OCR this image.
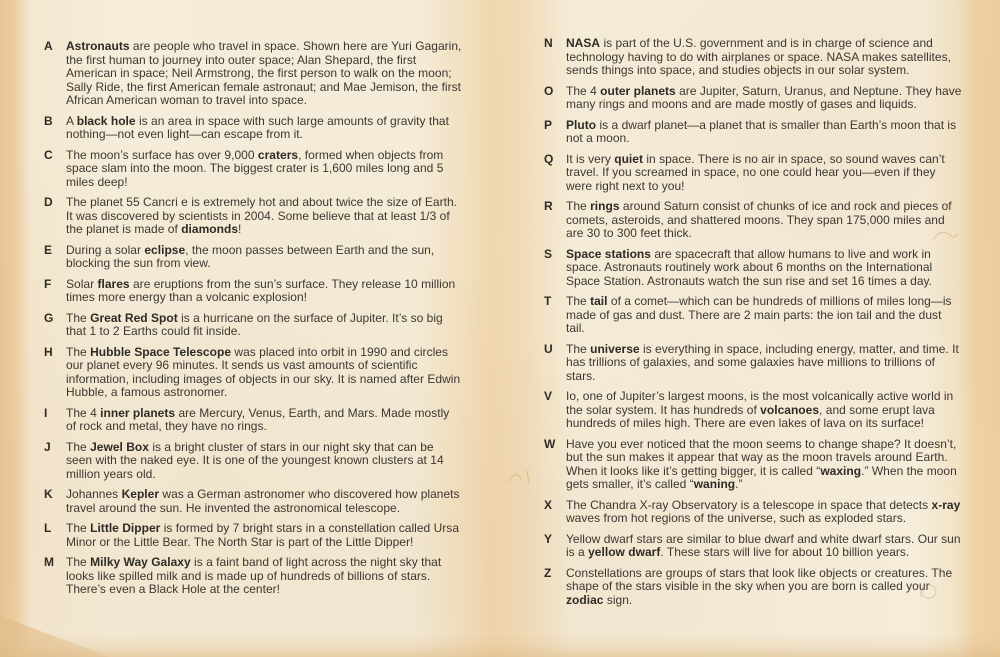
A	Astronauts are people who travel in space. Shown here are Yuri Gagarin, the first human to journey into outer space; Alan Shepard, the first American in space; Neil Armstrong, the first person to walk on the moon; Sally Ride, the first American female astronaut; and Mae Jemison, the first African American woman to travel into space.

B	A black hole is an area in space with such large amounts of gravity that nothing—not even light—can escape from it.

C	The moon’s surface has over 9,000 craters, formed when objects from space slam into the moon. The biggest crater is 1,600 miles long and 5 miles deep!

D	The planet 55 Cancri e is extremely hot and about twice the size of Earth. It was discovered by scientists in 2004. Some believe that at least 1/3 of the planet is made of diamonds!

E	During a solar eclipse, the moon passes between Earth and the sun, blocking the sun from view.

F	Solar flares are eruptions from the sun’s surface. They release 10 million times more energy than a volcanic explosion!

G	The Great Red Spot is a hurricane on the surface of Jupiter. It’s so big that 1 to 2 Earths could fit inside.

H	The Hubble Space Telescope was placed into orbit in 1990 and circles our planet every 96 minutes. It sends us vast amounts of scientific information, including images of objects in our sky. It is named after Edwin Hubble, a famous astronomer.

I	The 4 inner planets are Mercury, Venus, Earth, and Mars. Made mostly of rock and metal, they have no rings.

J	The Jewel Box is a bright cluster of stars in our night sky that can be seen with the naked eye. It is one of the youngest known clusters at 14 million years old.

K	Johannes Kepler was a German astronomer who discovered how planets travel around the sun. He invented the astronomical telescope.

L	The Little Dipper is formed by 7 bright stars in a constellation called Ursa Minor or the Little Bear. The North Star is part of the Little Dipper!

M	The Milky Way Galaxy is a faint band of light across the night sky that looks like spilled milk and is made up of hundreds of billions of stars. There’s even a Black Hole at the center!

N	NASA is part of the U.S. government and is in charge of science and technology having to do with airplanes or space. NASA makes satellites, sends things into space, and studies objects in our solar system.

O	The 4 outer planets are Jupiter, Saturn, Uranus, and Neptune. They have many rings and moons and are made mostly of gases and liquids.

P	Pluto is a dwarf planet—a planet that is smaller than Earth’s moon that is not a moon.

Q	It is very quiet in space. There is no air in space, so sound waves can’t travel. If you screamed in space, no one could hear you—even if they were right next to you!

R	The rings around Saturn consist of chunks of ice and rock and pieces of comets, asteroids, and shattered moons. They span 175,000 miles and are 30 to 300 feet thick.

S	Space stations are spacecraft that allow humans to live and work in space. Astronauts routinely work about 6 months on the International Space Station. Astronauts watch the sun rise and set 16 times a day.

T	The tail of a comet—which can be hundreds of millions of miles long—is made of gas and dust. There are 2 main parts: the ion tail and the dust tail.

U	The universe is everything in space, including energy, matter, and time. It has trillions of galaxies, and some galaxies have millions to trillions of stars.

V	Io, one of Jupiter’s largest moons, is the most volcanically active world in the solar system. It has hundreds of volcanoes, and some erupt lava hundreds of miles high. There are even lakes of lava on its surface!

W Have you ever noticed that the moon seems to change shape? It doesn’t, but the sun makes it appear that way as the moon travels around Earth. When it looks like it’s getting bigger, it is called “waxing.” When the moon gets smaller, it’s called “waning.”

X	The Chandra X-ray Observatory is a telescope in space that detects x-ray waves from hot regions of the universe, such as exploded stars.

Y	Yellow dwarf stars are similar to blue dwarf and white dwarf stars. Our sun is a yellow dwarf. These stars will live for about 10 billion years.

Z	Constellations are groups of stars that look like objects or creatures. The shape of the stars visible in the sky when you are born is called your zodiac sign.
